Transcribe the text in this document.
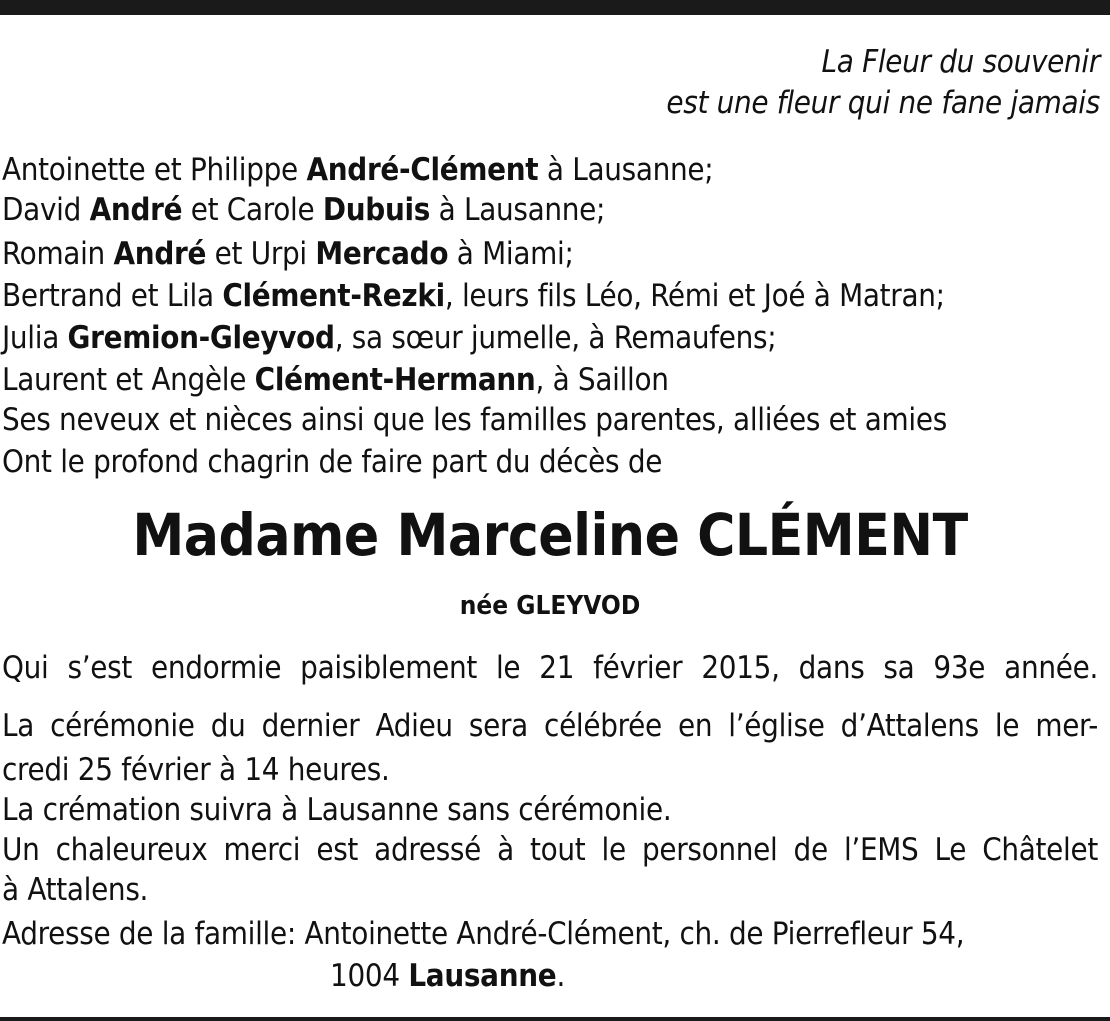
La Fleur du souvenir
est une fleur qui ne fane jamais
Antoinette et Philippe André-Clément à Lausanne;
David André et Carole Dubuis à Lausanne;
Romain André et Urpi Mercado à Miami;
Bertrand et Lila Clément-Rezki, leurs fils Léo, Rémi et Joé à Matran;
Julia Gremion-Gleyvod, sa sœur jumelle, à Remaufens;
Laurent et Angèle Clément-Hermann, à Saillon
Ses neveux et nièces ainsi que les familles parentes, alliées et amies
Ont le profond chagrin de faire part du décès de
Madame Marceline CLÉMENT
née GLEYVOD
Qui s’est endormie paisiblement le 21 février 2015, dans sa 93e année.
La cérémonie du dernier Adieu sera célébrée en l’église d’Attalens le mer-
credi 25 février à 14 heures.
La crémation suivra à Lausanne sans cérémonie.
Un chaleureux merci est adressé à tout le personnel de l’EMS Le Châtelet
à Attalens.
Adresse de la famille: Antoinette André-Clément, ch. de Pierrefleur 54,
1004 Lausanne.
